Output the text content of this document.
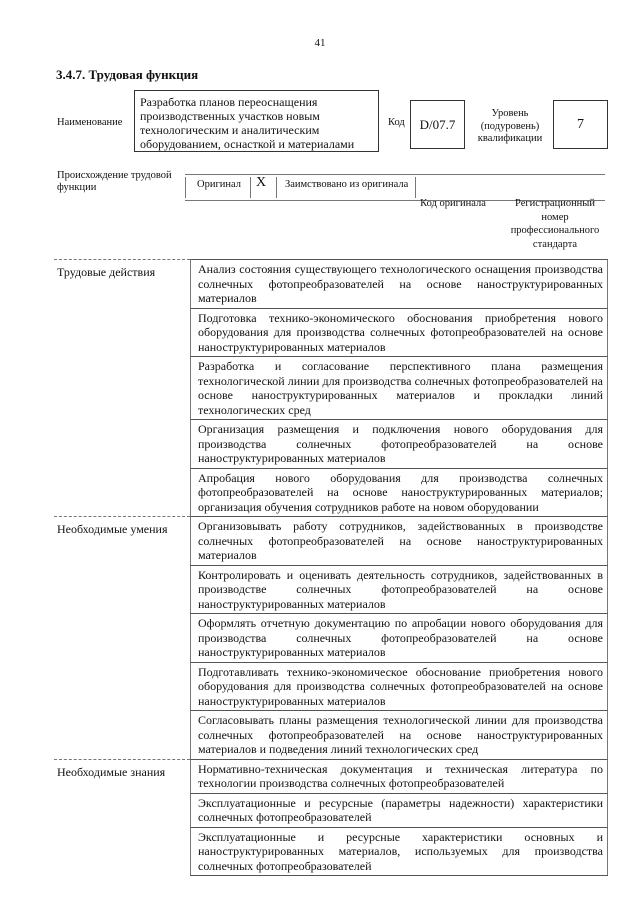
41
3.4.7. Трудовая функция
Наименование
Разработка планов переоснащения производственных участков новым технологическим и аналитическим оборудованием, оснасткой и материалами
Код	D/07.7
Уровень (подуровень) квалификации
7
Происхождение трудовой функции	Оригинал X Заимствовано из оригинала
Код оригинала	Регистрационный номер профессионального стандарта
Трудовые действия	Анализ состояния существующего технологического оснащения производства солнечных фотопреобразователей на основе наноструктурированных материалов
Подготовка технико-экономического обоснования приобретения нового оборудования для производства солнечных фотопреобразователей на основе наноструктурированных материалов
Разработка и согласование перспективного плана размещения технологической линии для производства солнечных фотопреобразователей на основе наноструктурированных материалов и прокладки линий технологических сред
Организация размещения и подключения нового оборудования для производства солнечных фотопреобразователей на основе наноструктурированных материалов
Апробация нового оборудования для производства солнечных фотопреобразователей на основе наноструктурированных материалов; организация обучения сотрудников работе на новом оборудовании
Необходимые умения	Организовывать работу сотрудников, задействованных в производстве солнечных фотопреобразователей на основе наноструктурированных материалов
Контролировать и оценивать деятельность сотрудников, задействованных в производстве солнечных фотопреобразователей на основе наноструктурированных материалов
Оформлять отчетную документацию по апробации нового оборудования для производства солнечных фотопреобразователей на основе наноструктурированных материалов
Подготавливать технико-экономическое обоснование приобретения нового оборудования для производства солнечных фотопреобразователей на основе наноструктурированных материалов
Согласовывать планы размещения технологической линии для производства солнечных фотопреобразователей на основе наноструктурированных материалов и подведения линий технологических сред
Необходимые знания	Нормативно-техническая документация и техническая литература по технологии производства солнечных фотопреобразователей
Эксплуатационные и ресурсные (параметры надежности) характеристики солнечных фотопреобразователей
Эксплуатационные и ресурсные характеристики основных и наноструктурированных материалов, используемых для производства солнечных фотопреобразователей
